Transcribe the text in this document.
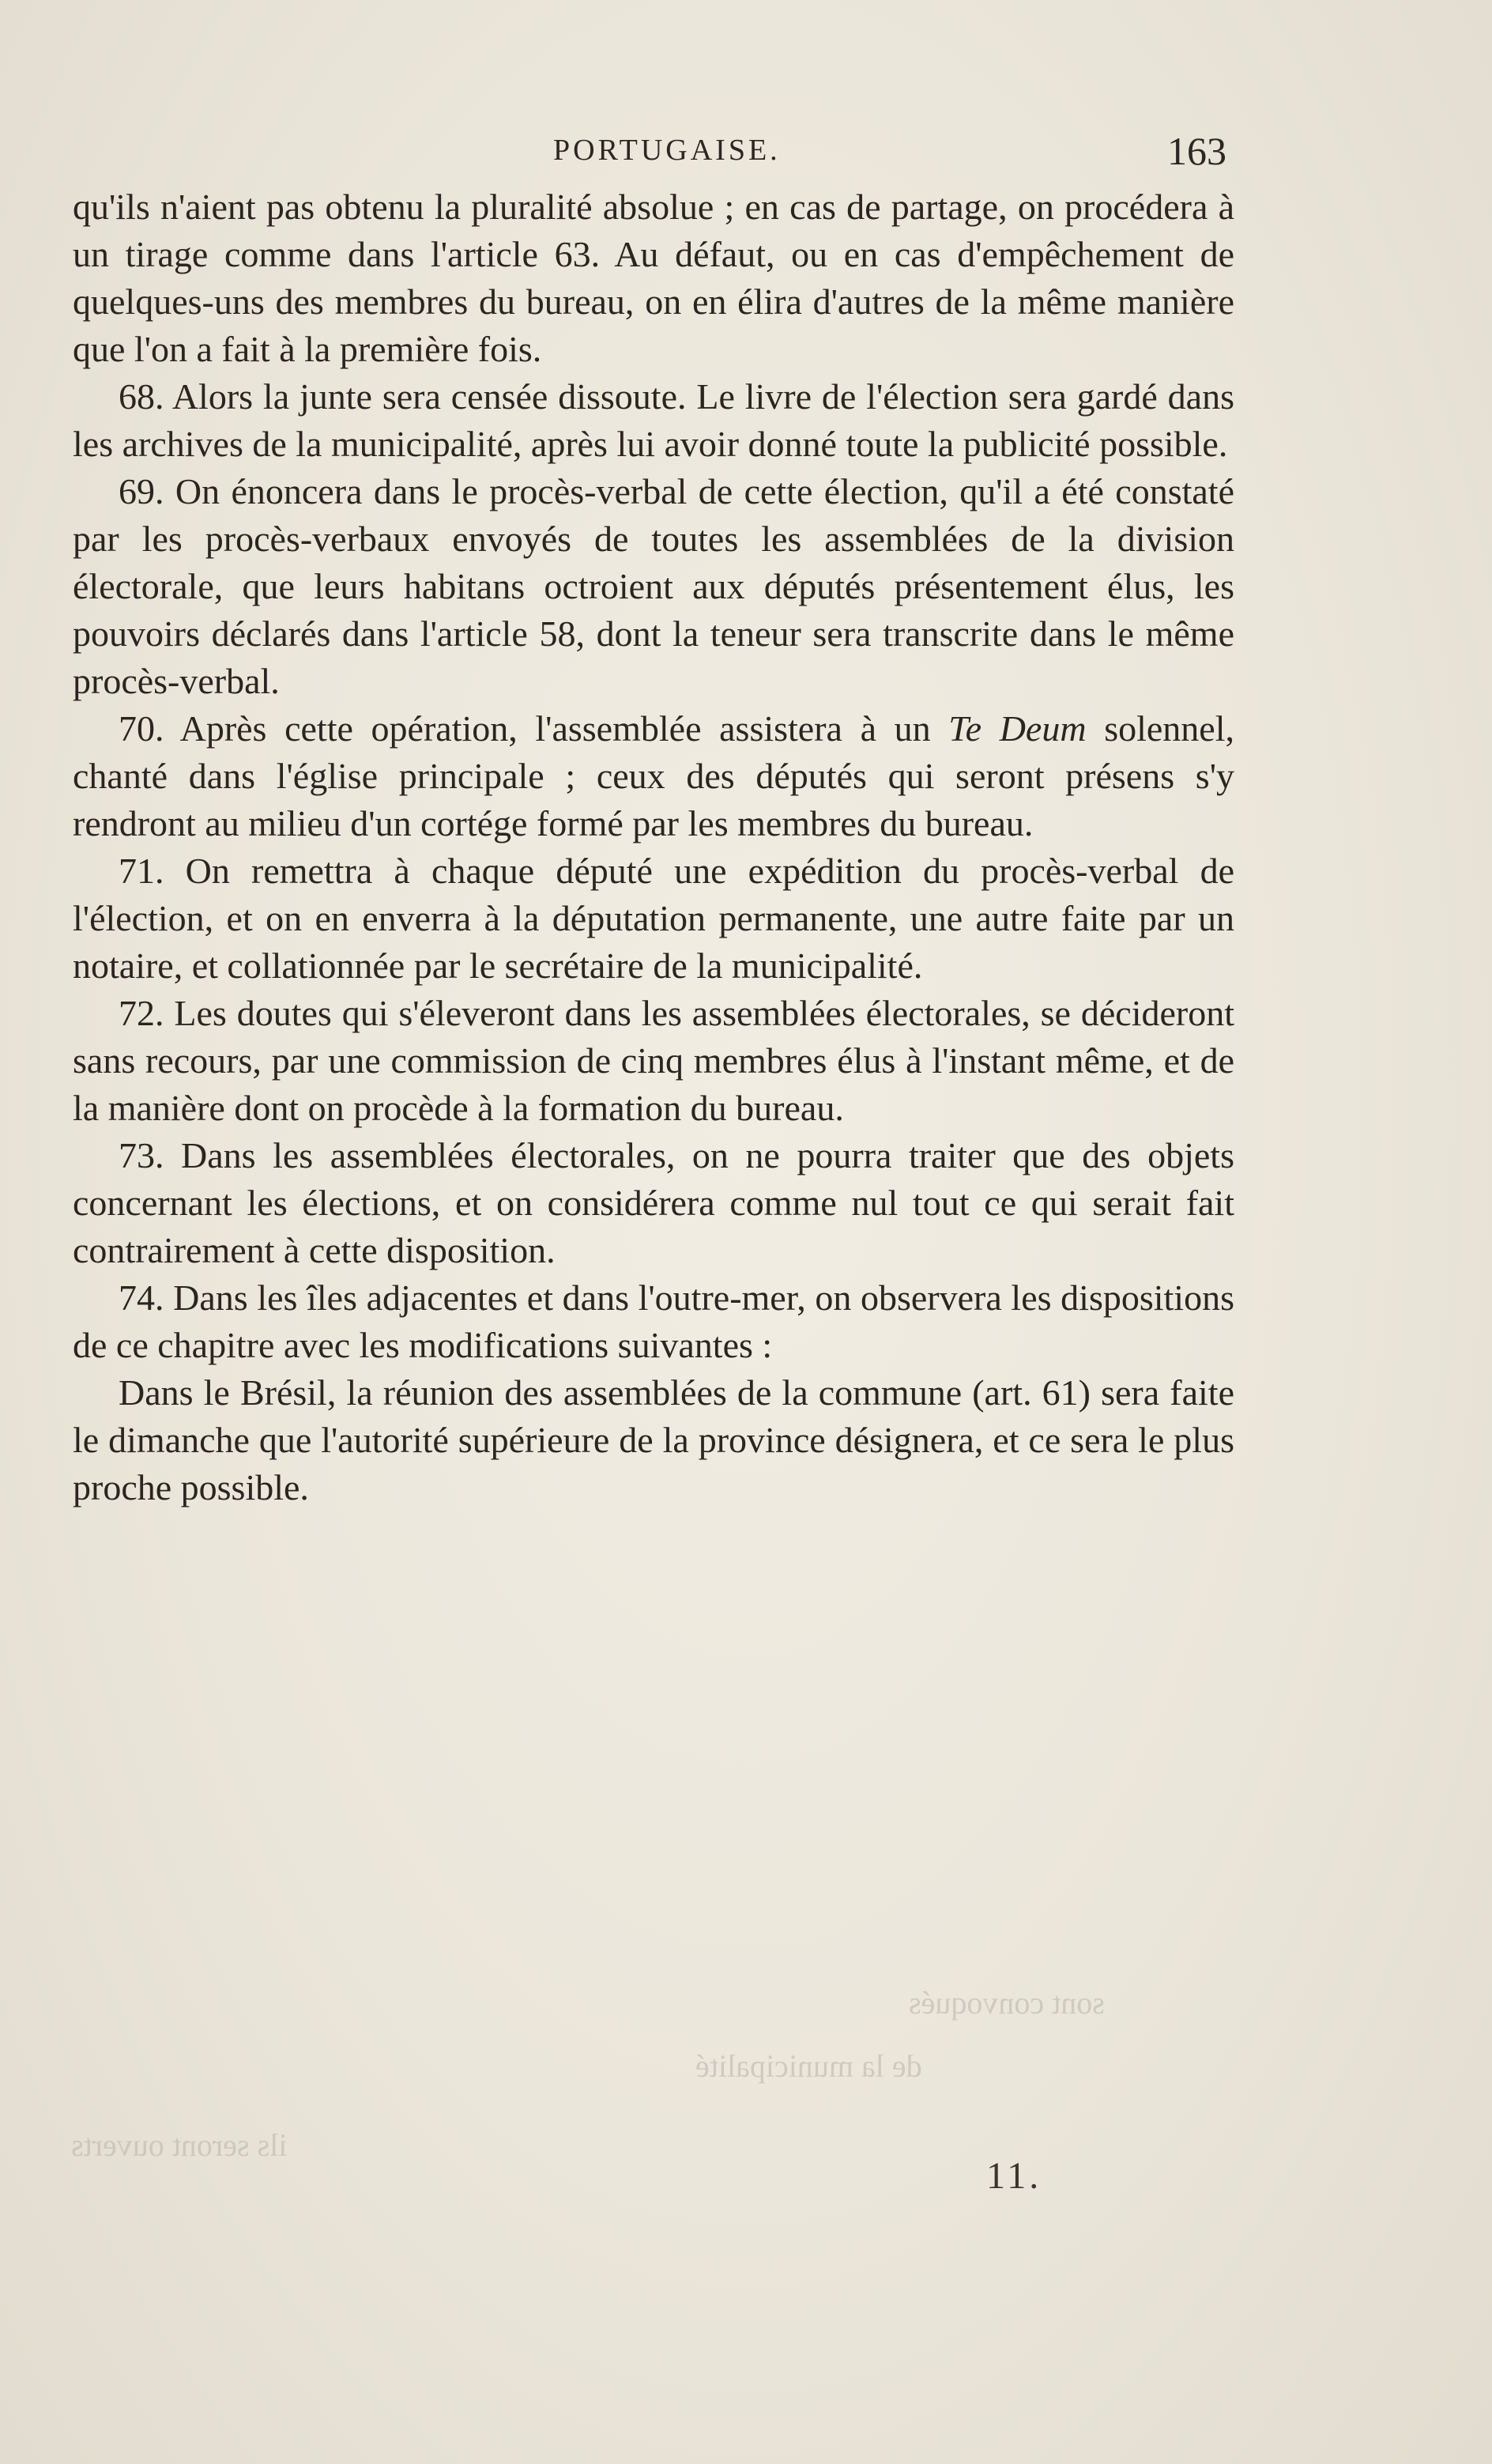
PORTUGAISE.	163

qu'ils n'aient pas obtenu la pluralité absolue ; en cas de partage, on procédera à un tirage comme dans l'article 63. Au défaut, ou en cas d'empêchement de quelques-uns des membres du bureau, on en élira d'autres de la même manière que l'on a fait à la première fois.

68. Alors la junte sera censée dissoute. Le livre de l'élection sera gardé dans les archives de la municipalité, après lui avoir donné toute la publicité possible.

69. On énoncera dans le procès-verbal de cette élection, qu'il a été constaté par les procès-verbaux envoyés de toutes les assemblées de la division électorale, que leurs habitans octroient aux députés présentement élus, les pouvoirs déclarés dans l'article 58, dont la teneur sera transcrite dans le même procès-verbal.

70. Après cette opération, l'assemblée assistera à un Te Deum solennel, chanté dans l'église principale ; ceux des députés qui seront présens s'y rendront au milieu d'un cortége formé par les membres du bureau.

71. On remettra à chaque député une expédition du procès-verbal de l'élection, et on en enverra à la députation permanente, une autre faite par un notaire, et collationnée par le secrétaire de la municipalité.

72. Les doutes qui s'éleveront dans les assemblées électorales, se décideront sans recours, par une commission de cinq membres élus à l'instant même, et de la manière dont on procède à la formation du bureau.

73. Dans les assemblées électorales, on ne pourra traiter que des objets concernant les élections, et on considérera comme nul tout ce qui serait fait contrairement à cette disposition.

74. Dans les îles adjacentes et dans l'outre-mer, on observera les dispositions de ce chapitre avec les modifications suivantes :

Dans le Brésil, la réunion des assemblées de la commune (art. 61) sera faite le dimanche que l'autorité supérieure de la province désignera, et ce sera le plus proche possible.

sont convoqués
de la municipalité
ils seront ouverts
11.
